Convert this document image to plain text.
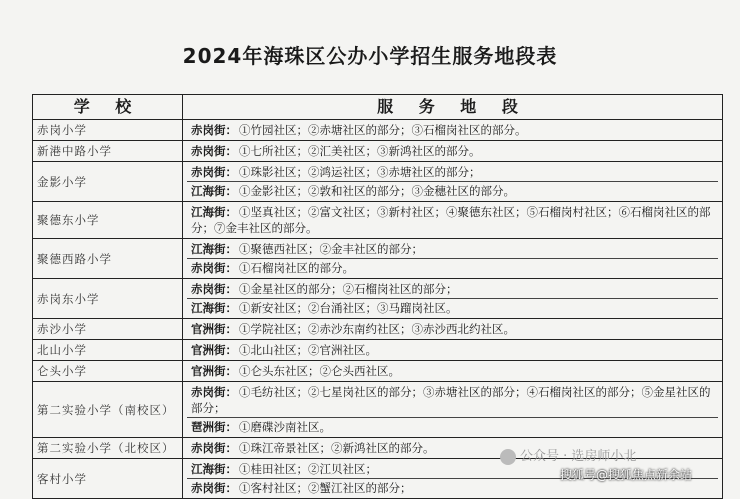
2024年海珠区公办小学招生服务地段表
学 校	服 务 地 段
赤岗小学	赤岗街： ①竹园社区；②赤塘社区的部分；③石榴岗社区的部分。

新港中路小学	赤岗街： ①七所社区；②汇美社区；③新鸿社区的部分。

金影小学	赤岗街： ①珠影社区；②鸿运社区；③赤塘社区的部分；
江海街： ①金影社区；②敦和社区的部分；③金穗社区的部分。

聚德东小学	江海街： ①坚真社区；②富文社区；③新村社区；④聚德东社区；⑤石榴岗村社区；⑥石榴岗社区的部分；⑦金丰社区的部分。

聚德西路小学	江海街： ①聚德西社区；②金丰社区的部分；
赤岗街： ①石榴岗社区的部分。

赤岗东小学	赤岗街： ①金星社区的部分；②石榴岗社区的部分；
江海街： ①新安社区；②台涌社区；③马蹓岗社区。

赤沙小学	官洲街： ①学院社区；②赤沙东南约社区；③赤沙西北约社区。

北山小学	官洲街： ①北山社区；②官洲社区。

仑头小学	官洲街： ①仑头东社区；②仑头西社区。

第二实验小学（南校区）	赤岗街： ①毛纺社区；②七星岗社区的部分；③赤塘社区的部分；④石榴岗社区的部分；⑤金星社区的部分；
琶洲街： ①磨碟沙南社区。

第二实验小学（北校区）	赤岗街： ①珠江帝景社区；②新鸿社区的部分。

客村小学	江海街： ①桂田社区；②江贝社区；
赤岗街： ①客村社区；②蟹江社区的部分；
公众号 · 选房师小北
搜狐号@搜狐焦点新余站
